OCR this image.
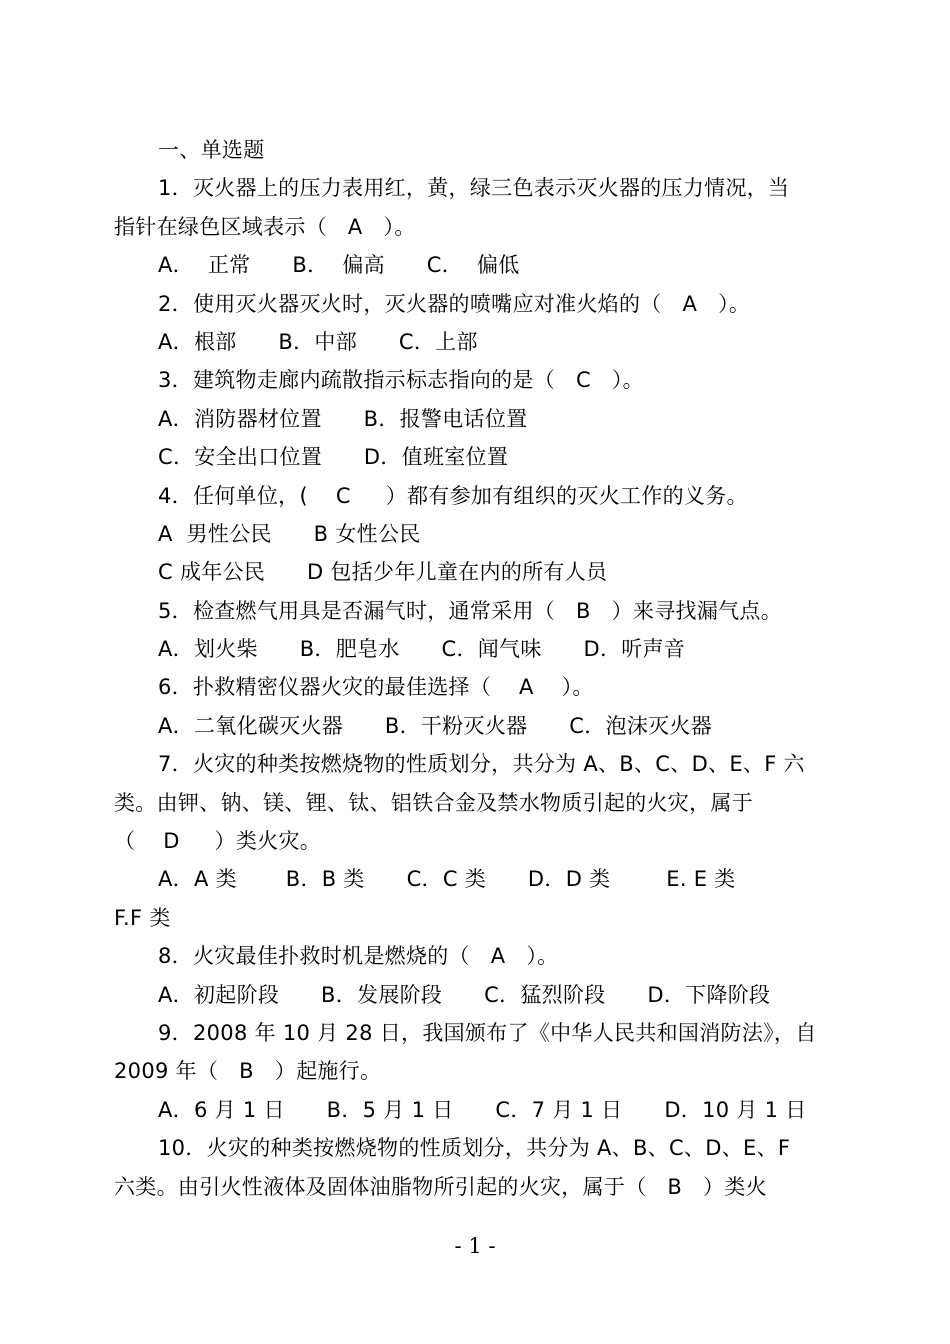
一、单选题
1．灭火器上的压力表用红，黄，绿三色表示灭火器的压力情况，当
指针在绿色区域表示（   A   ）。
A．  正常      B．  偏高      C．  偏低
2．使用灭火器灭火时，灭火器的喷嘴应对准火焰的（   A   ）。
A．根部      B．中部      C．上部
3．建筑物走廊内疏散指示标志指向的是（   C   ）。
A．消防器材位置      B．报警电话位置
C．安全出口位置      D．值班室位置
4．任何单位，(    C     ）都有参加有组织的灭火工作的义务。
A  男性公民      B 女性公民
C 成年公民      D 包括少年儿童在内的所有人员
5．检查燃气用具是否漏气时，通常采用（   B   ）来寻找漏气点。
A．划火柴      B．肥皂水      C．闻气味      D．听声音
6．扑救精密仪器火灾的最佳选择（    A    ）。
A．二氧化碳灭火器      B．干粉灭火器      C．泡沫灭火器
7．火灾的种类按燃烧物的性质划分，共分为 A、B、C、D、E、F 六
类。由钾、钠、镁、锂、钛、铝铁合金及禁水物质引起的火灾，属于
（    D     ）类火灾。
A．A 类       B．B 类      C．C 类      D．D 类        E. E 类
F.F 类
8．火灾最佳扑救时机是燃烧的（   A   ）。
A．初起阶段      B．发展阶段      C．猛烈阶段      D．下降阶段
9．2008 年 10 月 28 日，我国颁布了《中华人民共和国消防法》，自
2009 年（   B   ）起施行。
A．6 月 1 日      B．5 月 1 日      C．7 月 1 日      D．10 月 1 日
10．火灾的种类按燃烧物的性质划分，共分为 A、B、C、D、E、F
六类。由引火性液体及固体油脂物所引起的火灾，属于（   B   ）类火
- 1 -
